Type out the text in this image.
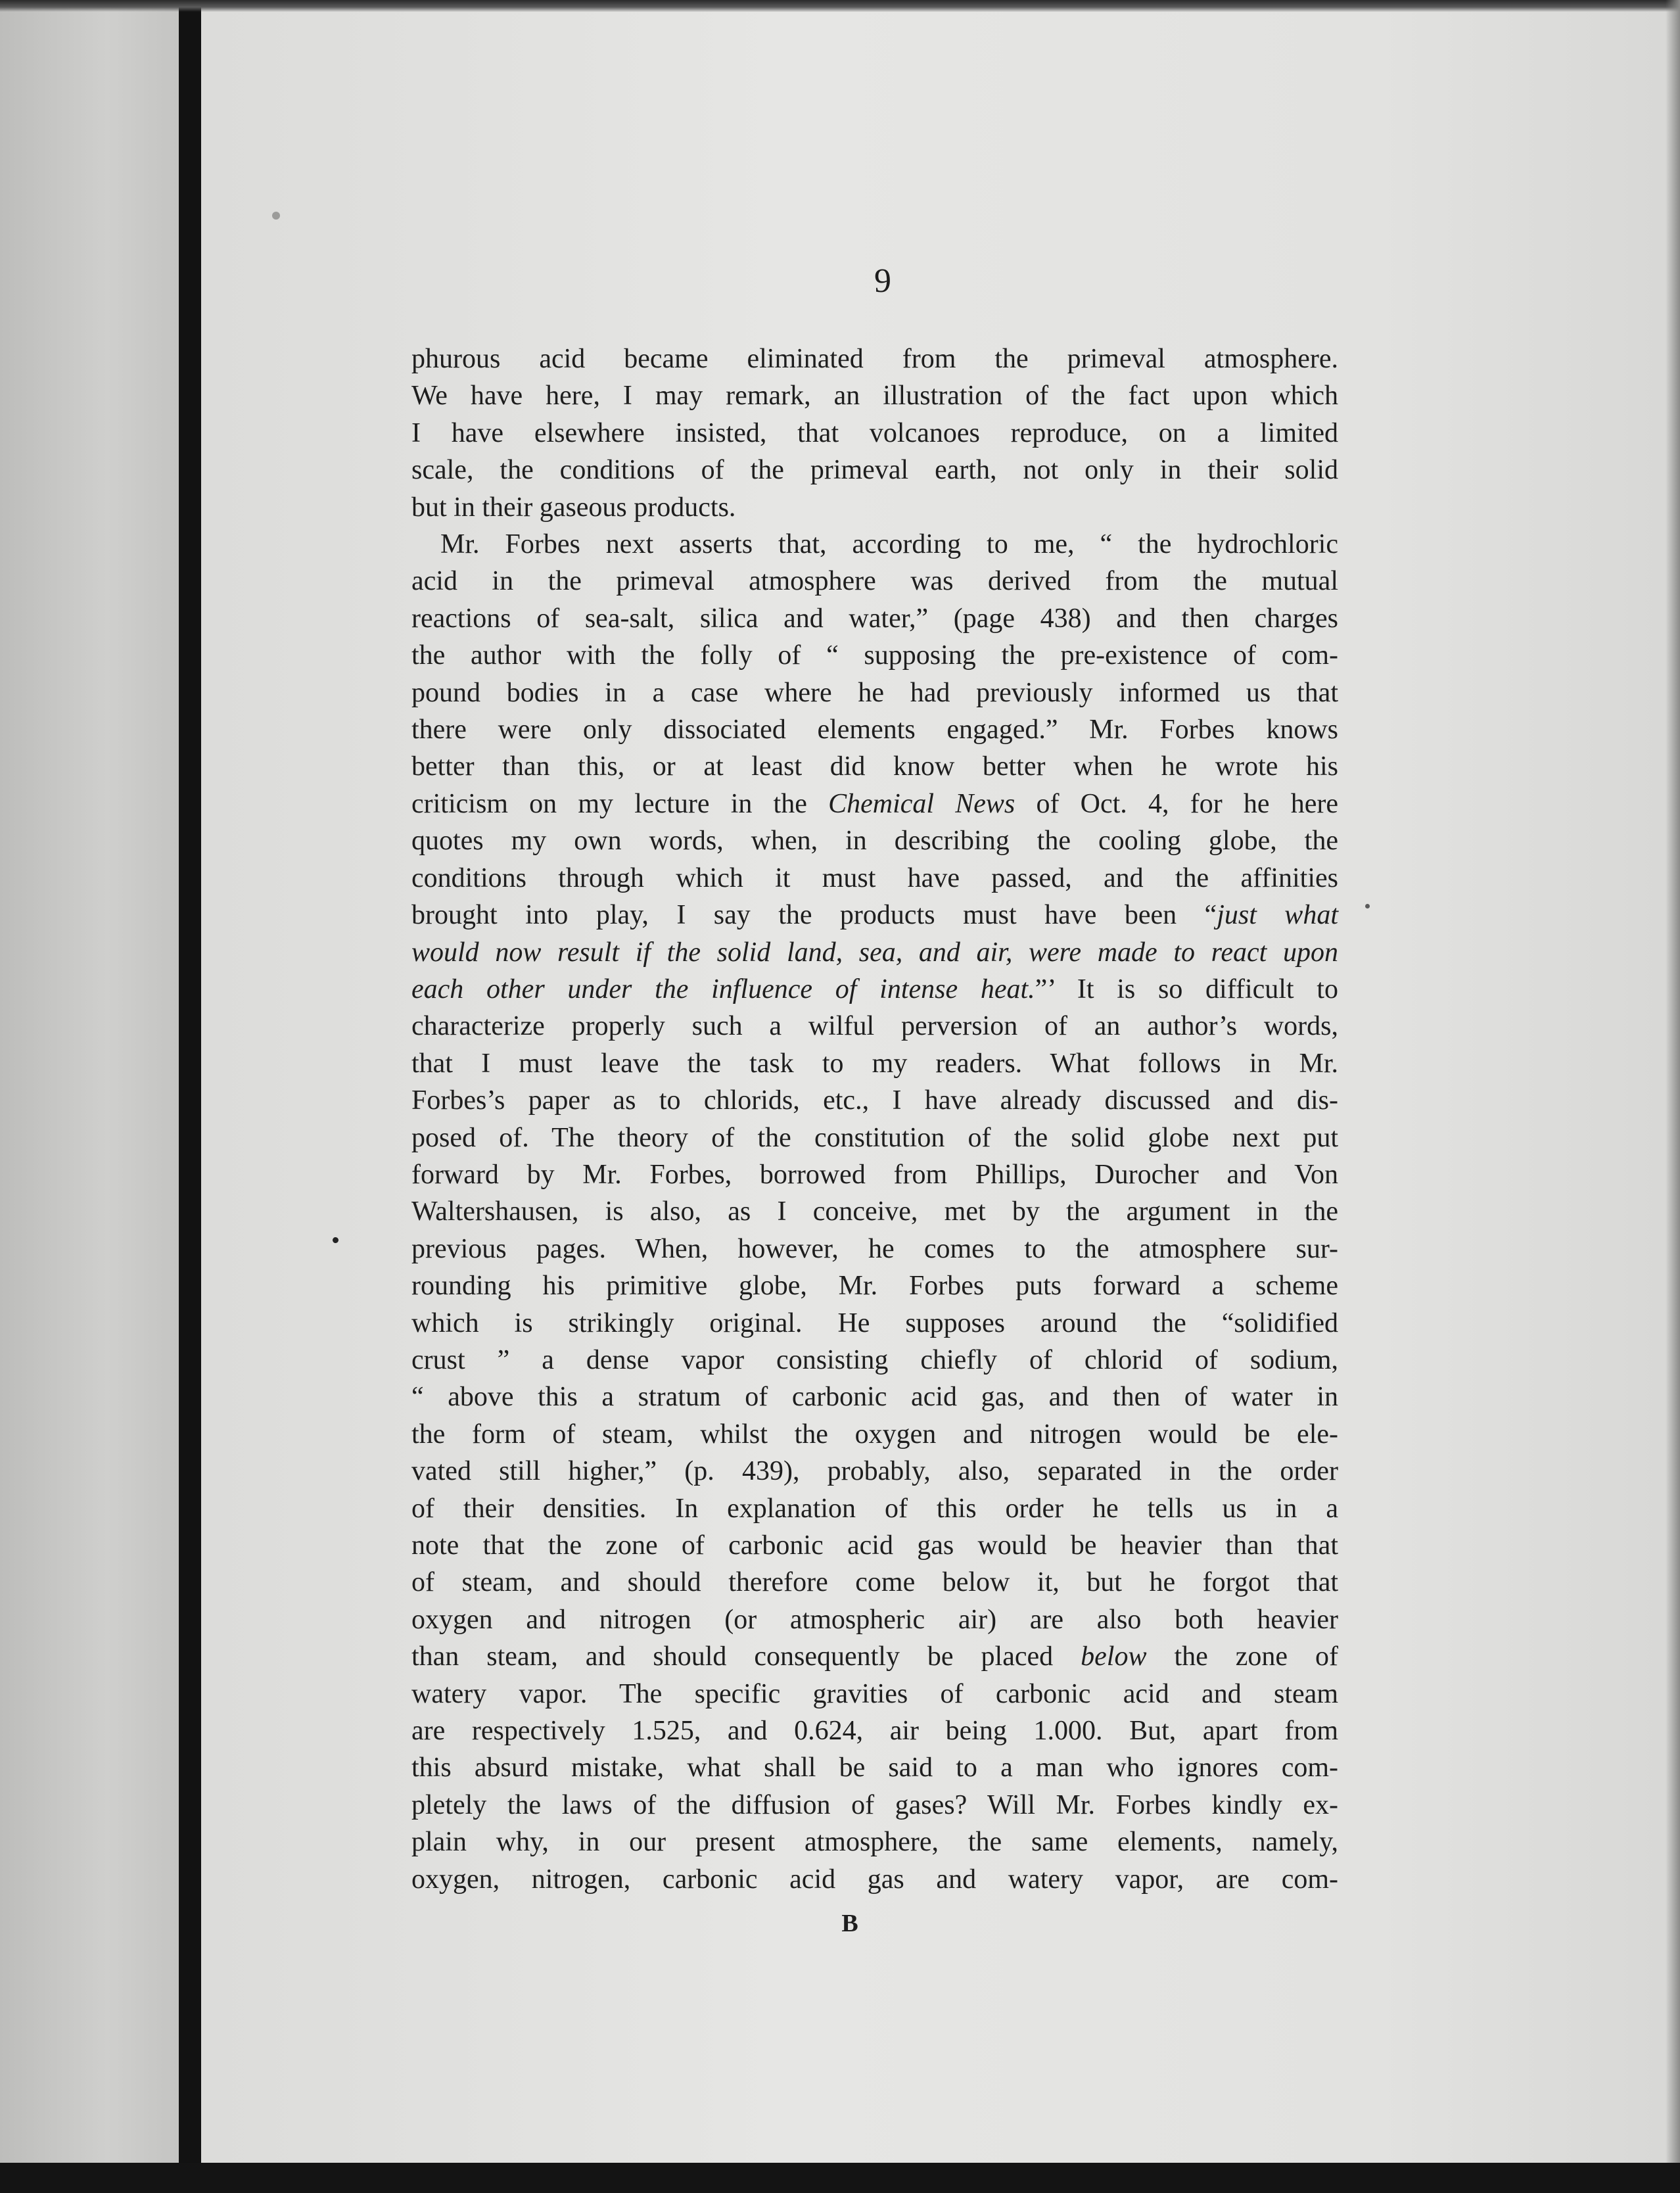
9
phurous acid became eliminated from the primeval atmosphere.
We have here, I may remark, an illustration of the fact upon which
I have elsewhere insisted, that volcanoes reproduce, on a limited
scale, the conditions of the primeval earth, not only in their solid
but in their gaseous products.
Mr. Forbes next asserts that, according to me, “ the hydrochloric
acid in the primeval atmosphere was derived from the mutual
reactions of sea-salt, silica and water,” (page 438) and then charges
the author with the folly of “ supposing the pre-existence of com-
pound bodies in a case where he had previously informed us that
there were only dissociated elements engaged.” Mr. Forbes knows
better than this, or at least did know better when he wrote his
criticism on my lecture in the Chemical News of Oct. 4, for he here
quotes my own words, when, in describing the cooling globe, the
conditions through which it must have passed, and the affinities
brought into play, I say the products must have been “just what
would now result if the solid land, sea, and air, were made to react upon
each other under the influence of intense heat.”’ It is so difficult to
characterize properly such a wilful perversion of an author’s words,
that I must leave the task to my readers. What follows in Mr.
Forbes’s paper as to chlorids, etc., I have already discussed and dis-
posed of. The theory of the constitution of the solid globe next put
forward by Mr. Forbes, borrowed from Phillips, Durocher and Von
Waltershausen, is also, as I conceive, met by the argument in the
previous pages. When, however, he comes to the atmosphere sur-
rounding his primitive globe, Mr. Forbes puts forward a scheme
which is strikingly original. He supposes around the “solidified
crust ” a dense vapor consisting chiefly of chlorid of sodium,
“ above this a stratum of carbonic acid gas, and then of water in
the form of steam, whilst the oxygen and nitrogen would be ele-
vated still higher,” (p. 439), probably, also, separated in the order
of their densities. In explanation of this order he tells us in a
note that the zone of carbonic acid gas would be heavier than that
of steam, and should therefore come below it, but he forgot that
oxygen and nitrogen (or atmospheric air) are also both heavier
than steam, and should consequently be placed below the zone of
watery vapor. The specific gravities of carbonic acid and steam
are respectively 1.525, and 0.624, air being 1.000. But, apart from
this absurd mistake, what shall be said to a man who ignores com-
pletely the laws of the diffusion of gases? Will Mr. Forbes kindly ex-
plain why, in our present atmosphere, the same elements, namely,
oxygen, nitrogen, carbonic acid gas and watery vapor, are com-
B
